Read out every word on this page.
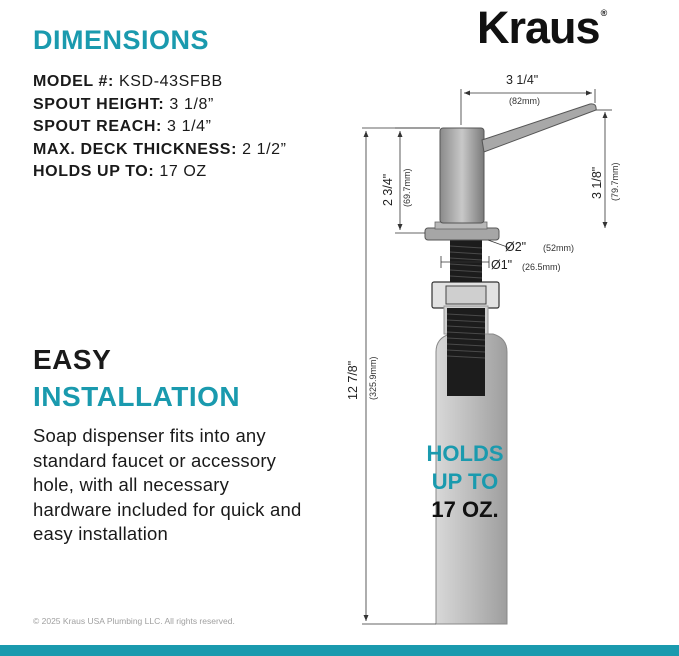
Kraus®
DIMENSIONS
MODEL #: KSD-43SFBB
SPOUT HEIGHT: 3 1/8”
SPOUT REACH: 3 1/4”
MAX. DECK THICKNESS: 2 1/2”
HOLDS UP TO: 17 OZ
EASY
INSTALLATION
Soap dispenser fits into any standard faucet or accessory hole, with all necessary hardware included for quick and easy installation
© 2025 Kraus USA Plumbing LLC. All rights reserved.
3 1/4"
(82mm)
2 3/4" (69.7mm)	3 1/8" (79.7mm)
12 7/8" (325.9mm)
Ø2" (52mm)
Ø1" (26.5mm)
HOLDS
UP TO
17 OZ.
